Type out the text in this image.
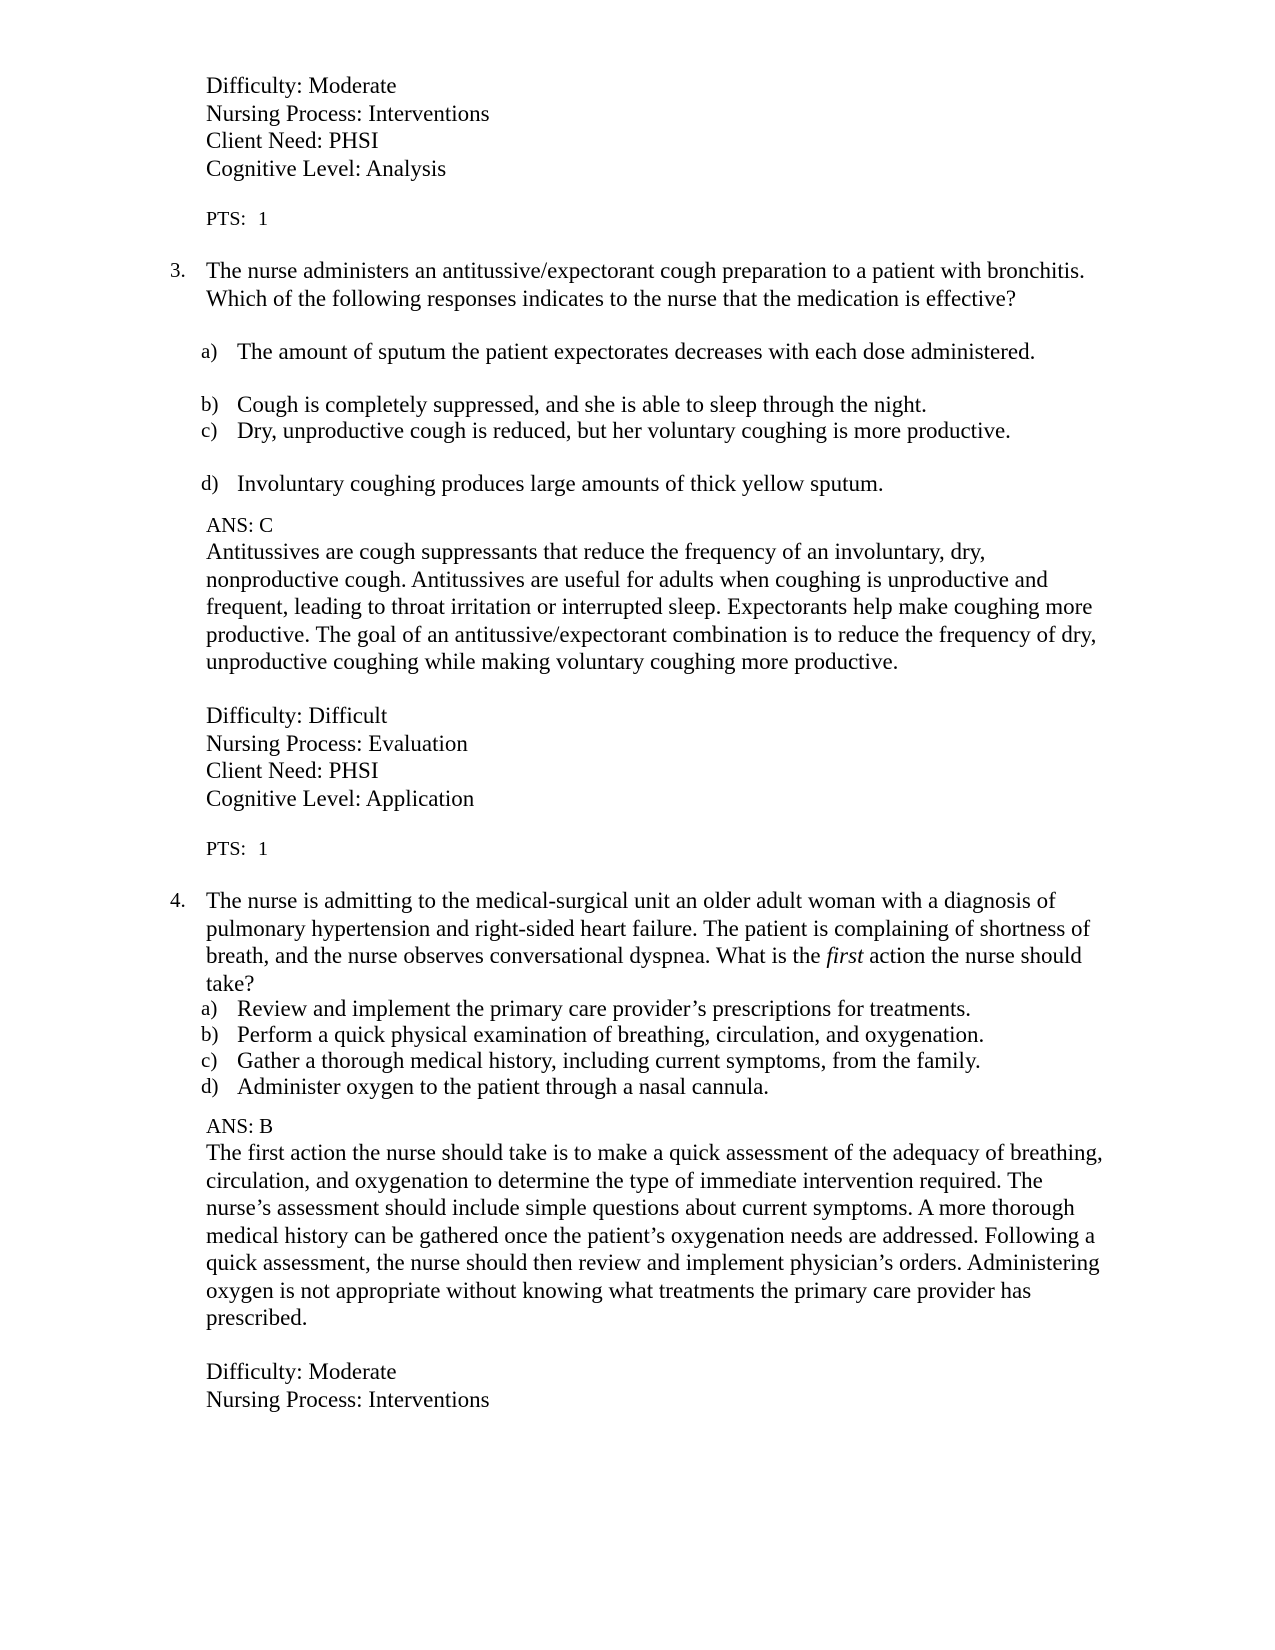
Difficulty: Moderate
Nursing Process: Interventions
Client Need: PHSI
Cognitive Level: Analysis
PTS: 1
3. The nurse administers an antitussive/expectorant cough preparation to a patient with bronchitis. Which of the following responses indicates to the nurse that the medication is effective?
a) The amount of sputum the patient expectorates decreases with each dose administered.
b) Cough is completely suppressed, and she is able to sleep through the night.
c) Dry, unproductive cough is reduced, but her voluntary coughing is more productive.
d) Involuntary coughing produces large amounts of thick yellow sputum.
ANS: C
Antitussives are cough suppressants that reduce the frequency of an involuntary, dry, nonproductive cough. Antitussives are useful for adults when coughing is unproductive and frequent, leading to throat irritation or interrupted sleep. Expectorants help make coughing more productive. The goal of an antitussive/expectorant combination is to reduce the frequency of dry, unproductive coughing while making voluntary coughing more productive.
Difficulty: Difficult
Nursing Process: Evaluation
Client Need: PHSI
Cognitive Level: Application
PTS: 1
4. The nurse is admitting to the medical-surgical unit an older adult woman with a diagnosis of pulmonary hypertension and right-sided heart failure. The patient is complaining of shortness of breath, and the nurse observes conversational dyspnea. What is the first action the nurse should take?
a) Review and implement the primary care provider’s prescriptions for treatments.
b) Perform a quick physical examination of breathing, circulation, and oxygenation.
c) Gather a thorough medical history, including current symptoms, from the family.
d) Administer oxygen to the patient through a nasal cannula.
ANS: B
The first action the nurse should take is to make a quick assessment of the adequacy of breathing, circulation, and oxygenation to determine the type of immediate intervention required. The nurse’s assessment should include simple questions about current symptoms. A more thorough medical history can be gathered once the patient’s oxygenation needs are addressed. Following a quick assessment, the nurse should then review and implement physician’s orders. Administering oxygen is not appropriate without knowing what treatments the primary care provider has prescribed.
Difficulty: Moderate
Nursing Process: Interventions
